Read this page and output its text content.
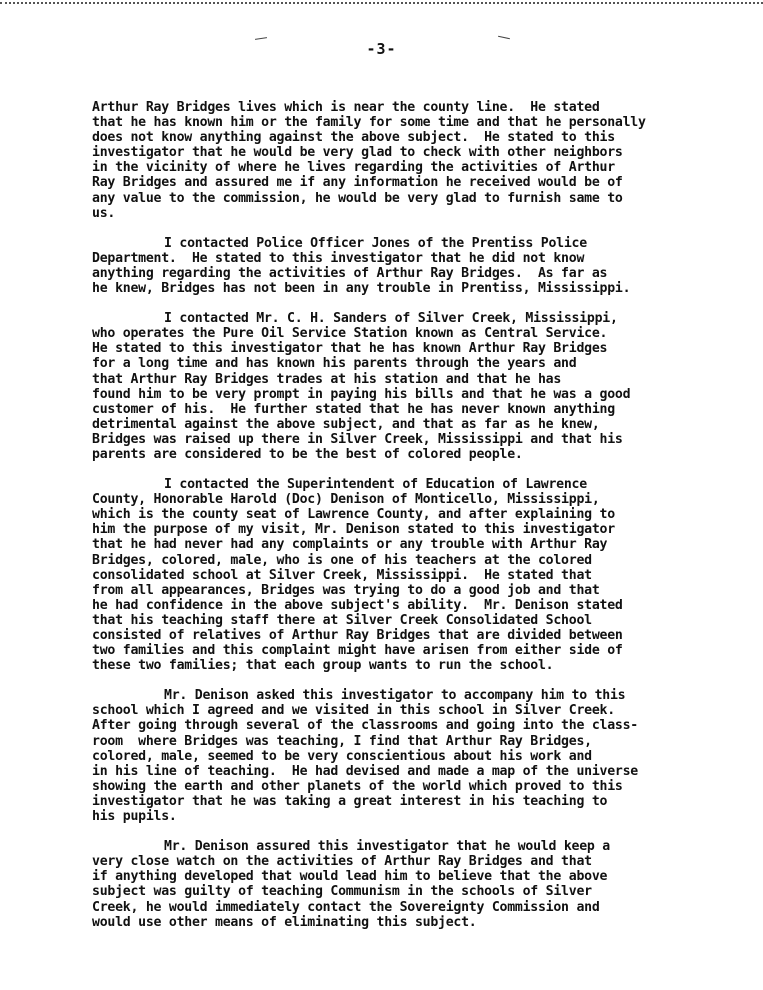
-3-
Arthur Ray Bridges lives which is near the county line.  He stated
that he has known him or the family for some time and that he personally
does not know anything against the above subject.  He stated to this
investigator that he would be very glad to check with other neighbors
in the vicinity of where he lives regarding the activities of Arthur
Ray Bridges and assured me if any information he received would be of
any value to the commission, he would be very glad to furnish same to
us.
I contacted Police Officer Jones of the Prentiss Police
Department.  He stated to this investigator that he did not know
anything regarding the activities of Arthur Ray Bridges.  As far as
he knew, Bridges has not been in any trouble in Prentiss, Mississippi.
I contacted Mr. C. H. Sanders of Silver Creek, Mississippi,
who operates the Pure Oil Service Station known as Central Service.
He stated to this investigator that he has known Arthur Ray Bridges
for a long time and has known his parents through the years and
that Arthur Ray Bridges trades at his station and that he has
found him to be very prompt in paying his bills and that he was a good
customer of his.  He further stated that he has never known anything
detrimental against the above subject, and that as far as he knew,
Bridges was raised up there in Silver Creek, Mississippi and that his
parents are considered to be the best of colored people.
I contacted the Superintendent of Education of Lawrence
County, Honorable Harold (Doc) Denison of Monticello, Mississippi,
which is the county seat of Lawrence County, and after explaining to
him the purpose of my visit, Mr. Denison stated to this investigator
that he had never had any complaints or any trouble with Arthur Ray
Bridges, colored, male, who is one of his teachers at the colored
consolidated school at Silver Creek, Mississippi.  He stated that
from all appearances, Bridges was trying to do a good job and that
he had confidence in the above subject's ability.  Mr. Denison stated
that his teaching staff there at Silver Creek Consolidated School
consisted of relatives of Arthur Ray Bridges that are divided between
two families and this complaint might have arisen from either side of
these two families; that each group wants to run the school.
Mr. Denison asked this investigator to accompany him to this
school which I agreed and we visited in this school in Silver Creek.
After going through several of the classrooms and going into the class-
room  where Bridges was teaching, I find that Arthur Ray Bridges,
colored, male, seemed to be very conscientious about his work and
in his line of teaching.  He had devised and made a map of the universe
showing the earth and other planets of the world which proved to this
investigator that he was taking a great interest in his teaching to
his pupils.
Mr. Denison assured this investigator that he would keep a
very close watch on the activities of Arthur Ray Bridges and that
if anything developed that would lead him to believe that the above
subject was guilty of teaching Communism in the schools of Silver
Creek, he would immediately contact the Sovereignty Commission and
would use other means of eliminating this subject.
